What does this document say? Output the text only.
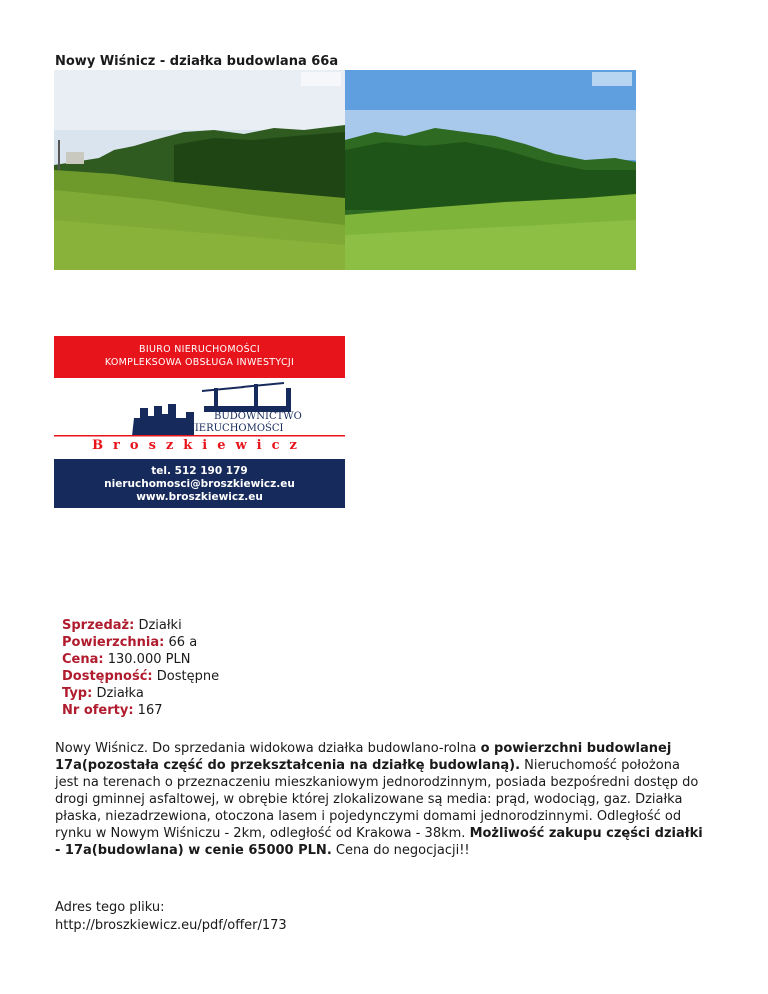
Nowy Wiśnicz - działka budowlana 66a
BIURO NIERUCHOMOŚCI
KOMPLEKSOWA OBSŁUGA INWESTYCJI
BUDOWNICTWO
& NIERUCHOMOŚCI
Broszkiewicz
tel. 512 190 179
nieruchomosci@broszkiewicz.eu
www.broszkiewicz.eu
Sprzedaż: Działki
Powierzchnia: 66 a
Cena: 130.000 PLN
Dostępność: Dostępne
Typ: Działka
Nr oferty: 167
Nowy Wiśnicz. Do sprzedania widokowa działka budowlano-rolna o powierzchni budowlanej 17a(pozostała część do przekształcenia na działkę budowlaną). Nieruchomość położona jest na terenach o przeznaczeniu mieszkaniowym jednorodzinnym, posiada bezpośredni dostęp do drogi gminnej asfaltowej, w obrębie której zlokalizowane są media: prąd, wodociąg, gaz. Działka płaska, niezadrzewiona, otoczona lasem i pojedynczymi domami jednorodzinnymi. Odległość od rynku w Nowym Wiśniczu - 2km, odległość od Krakowa - 38km. Możliwość zakupu części działki - 17a(budowlana) w cenie 65000 PLN. Cena do negocjacji!!
Adres tego pliku:
http://broszkiewicz.eu/pdf/offer/173
